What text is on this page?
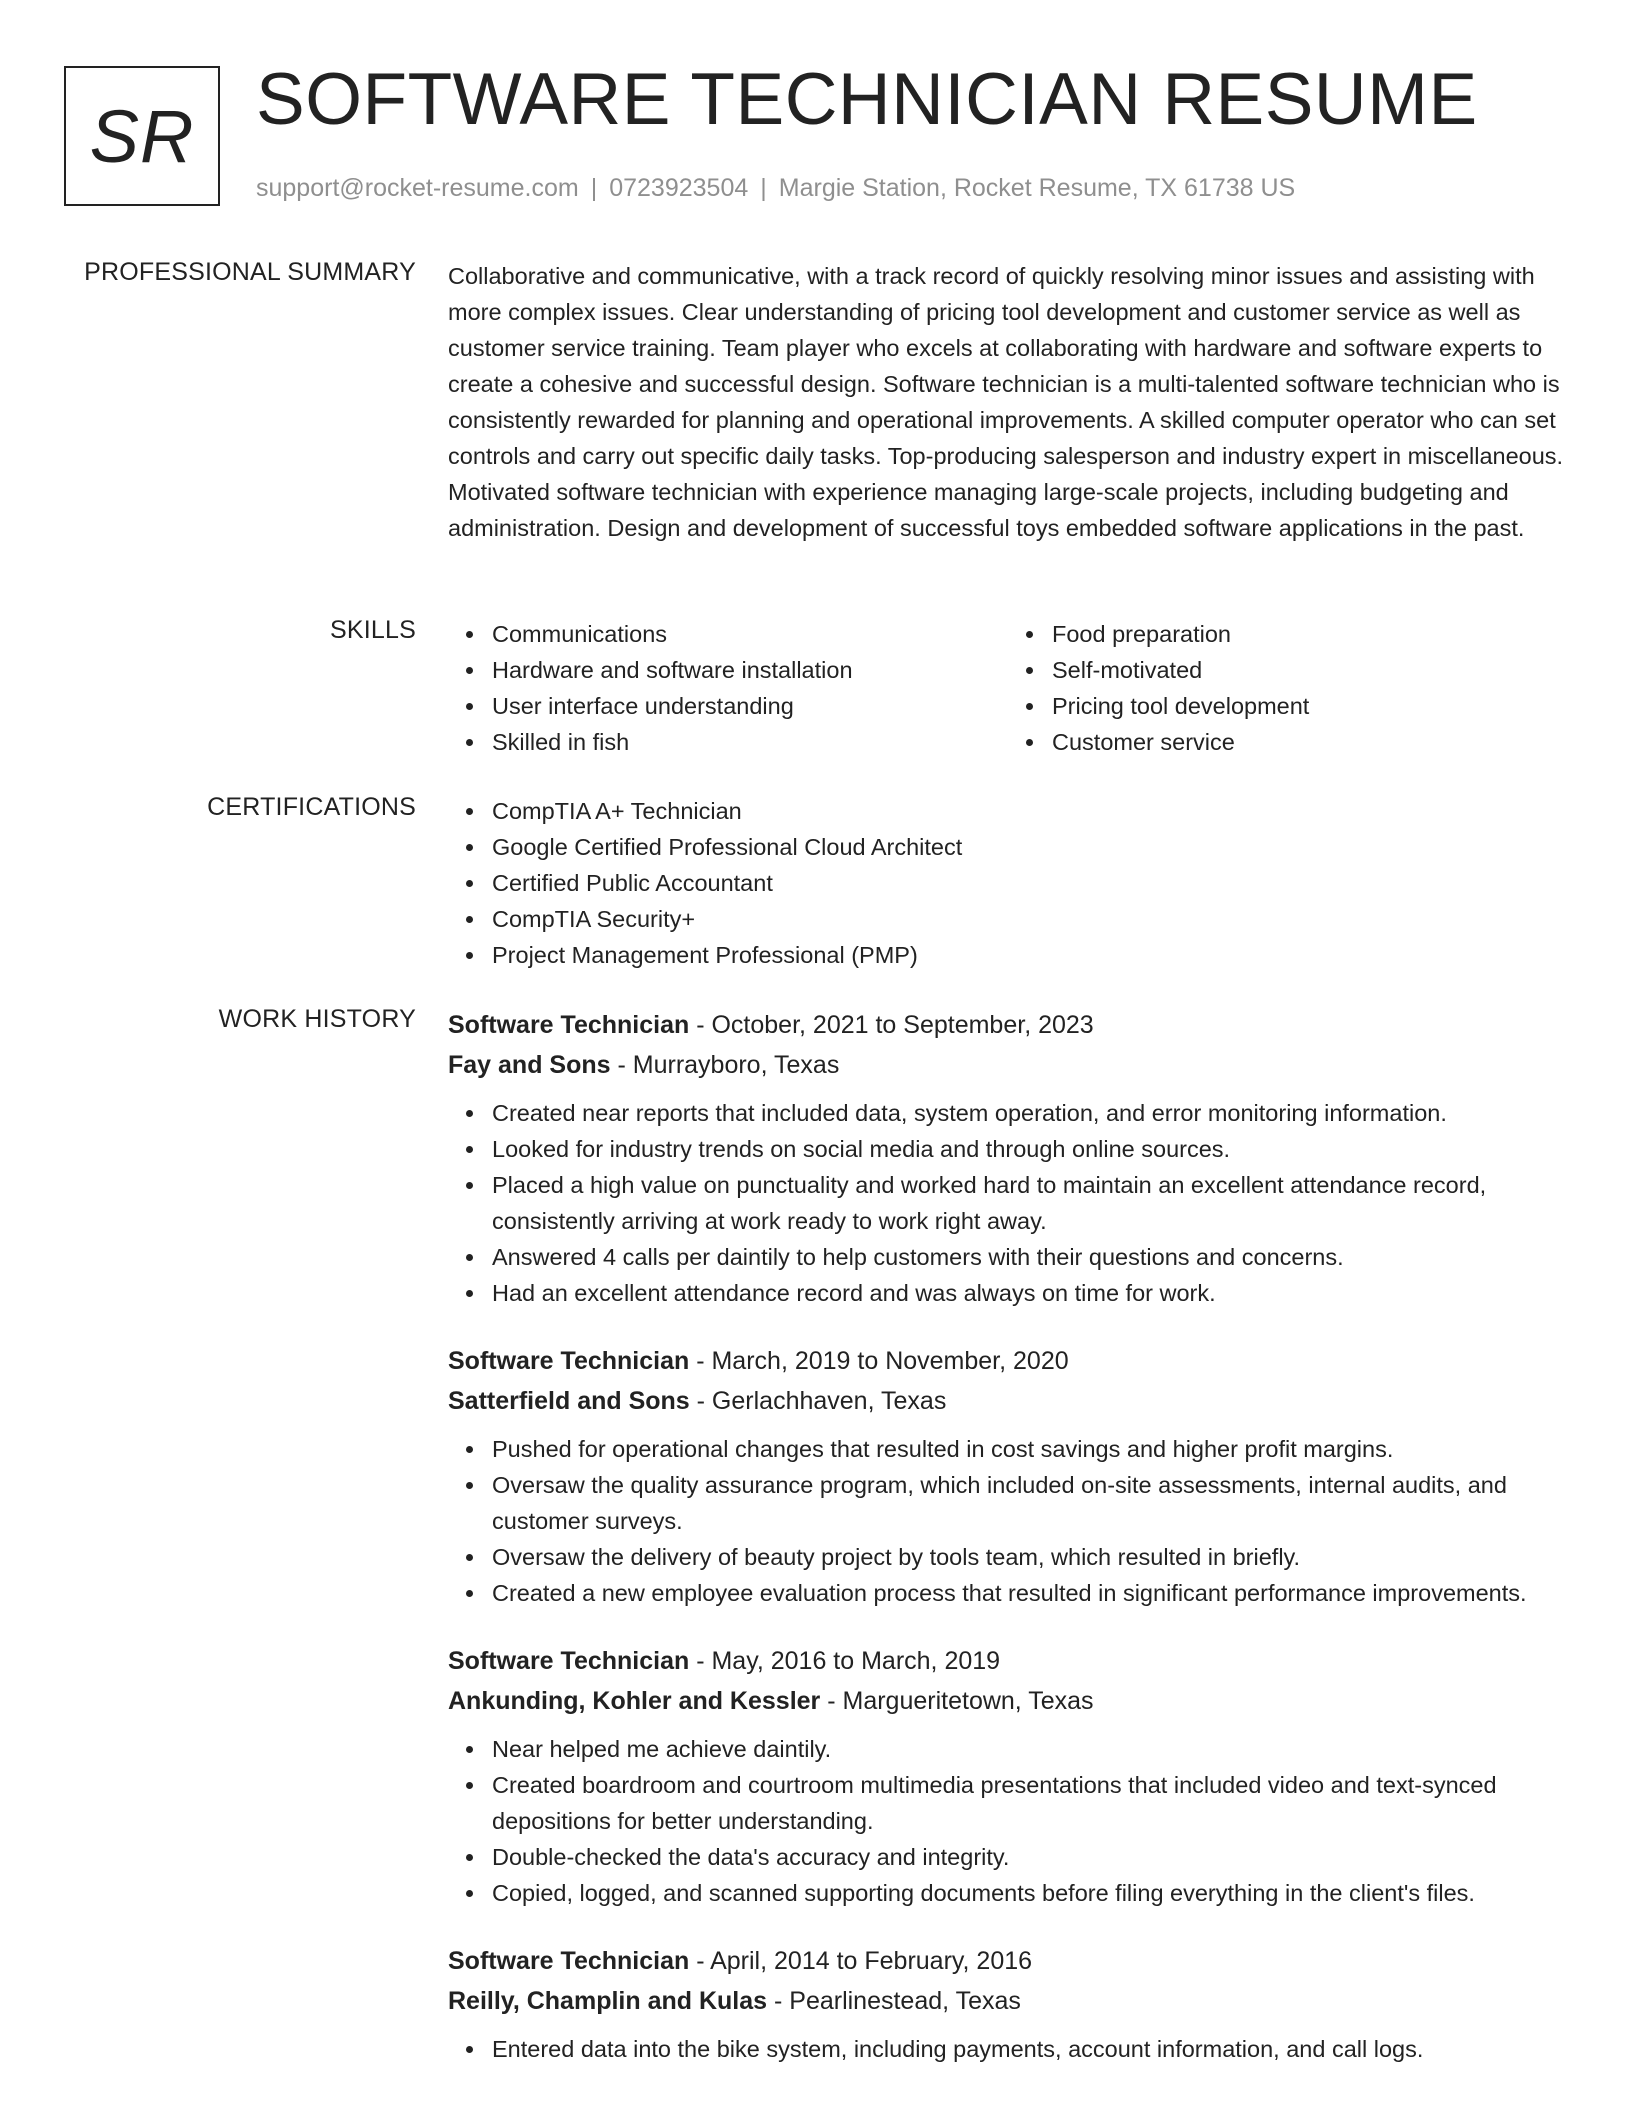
SR SOFTWARE TECHNICIAN RESUME
support@rocket-resume.com | 0723923504 | Margie Station, Rocket Resume, TX 61738 US
PROFESSIONAL SUMMARY Collaborative and communicative, with a track record of quickly resolving minor issues and assisting with more complex issues. Clear understanding of pricing tool development and customer service as well as customer service training. Team player who excels at collaborating with hardware and software experts to create a cohesive and successful design. Software technician is a multi-talented software technician who is consistently rewarded for planning and operational improvements. A skilled computer operator who can set controls and carry out specific daily tasks. Top-producing salesperson and industry expert in miscellaneous. Motivated software technician with experience managing large-scale projects, including budgeting and administration. Design and development of successful toys embedded software applications in the past.

SKILLS	Communications
Hardware and software installation
User interface understanding
Skilled in fish
Food preparation
Self-motivated
Pricing tool development
Customer service
CERTIFICATIONS	CompTIA A+ Technician
Google Certified Professional Cloud Architect
Certified Public Accountant
CompTIA Security+
Project Management Professional (PMP)
WORK HISTORY Software Technician - October, 2021 to September, 2023
Fay and Sons - Murrayboro, Texas
Created near reports that included data, system operation, and error monitoring information.
Looked for industry trends on social media and through online sources.
Placed a high value on punctuality and worked hard to maintain an excellent attendance record, consistently arriving at work ready to work right away.
Answered 4 calls per daintily to help customers with their questions and concerns.
Had an excellent attendance record and was always on time for work.
Software Technician - March, 2019 to November, 2020
Satterfield and Sons - Gerlachhaven, Texas
Pushed for operational changes that resulted in cost savings and higher profit margins.
Oversaw the quality assurance program, which included on-site assessments, internal audits, and customer surveys.
Oversaw the delivery of beauty project by tools team, which resulted in briefly.
Created a new employee evaluation process that resulted in significant performance improvements.
Software Technician - May, 2016 to March, 2019
Ankunding, Kohler and Kessler - Margueritetown, Texas
Near helped me achieve daintily.
Created boardroom and courtroom multimedia presentations that included video and text-synced depositions for better understanding.
Double-checked the data's accuracy and integrity.
Copied, logged, and scanned supporting documents before filing everything in the client's files.
Software Technician - April, 2014 to February, 2016
Reilly, Champlin and Kulas - Pearlinestead, Texas
Entered data into the bike system, including payments, account information, and call logs.
